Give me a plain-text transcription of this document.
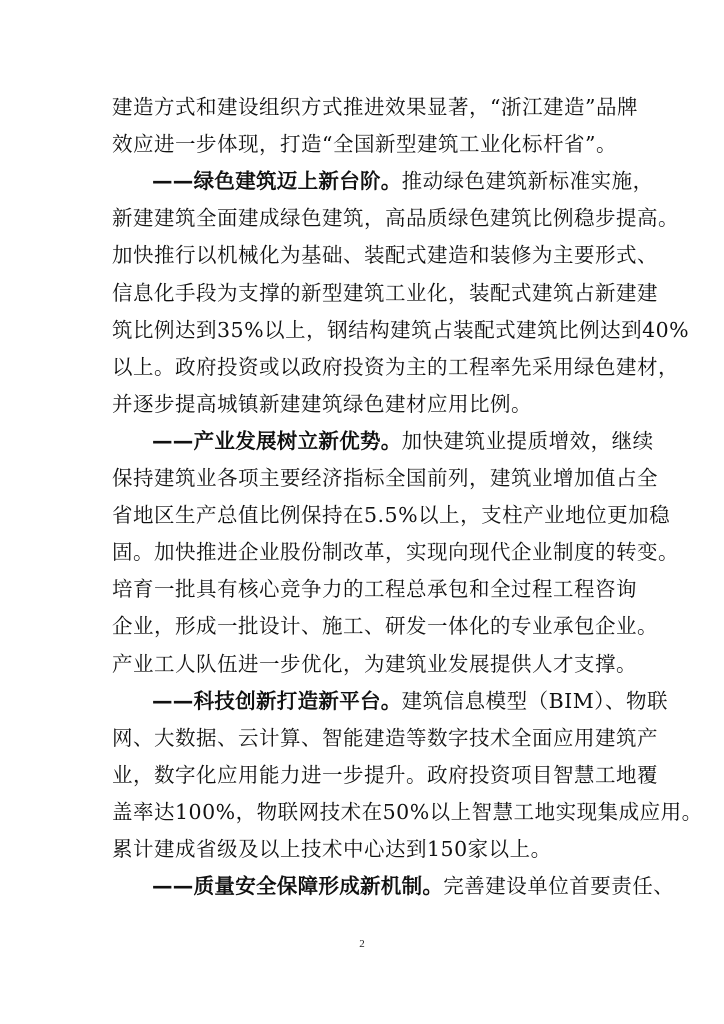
建造方式和建设组织方式推进效果显著，“浙江建造”品牌
效应进一步体现，打造“全国新型建筑工业化标杆省”。
——绿色建筑迈上新台阶。推动绿色建筑新标准实施，
新建建筑全面建成绿色建筑，高品质绿色建筑比例稳步提高。
加快推行以机械化为基础、装配式建造和装修为主要形式、
信息化手段为支撑的新型建筑工业化，装配式建筑占新建建
筑比例达到35%以上，钢结构建筑占装配式建筑比例达到40%
以上。政府投资或以政府投资为主的工程率先采用绿色建材，
并逐步提高城镇新建建筑绿色建材应用比例。
——产业发展树立新优势。加快建筑业提质增效，继续
保持建筑业各项主要经济指标全国前列，建筑业增加值占全
省地区生产总值比例保持在5.5%以上，支柱产业地位更加稳
固。加快推进企业股份制改革，实现向现代企业制度的转变。
培育一批具有核心竞争力的工程总承包和全过程工程咨询
企业，形成一批设计、施工、研发一体化的专业承包企业。
产业工人队伍进一步优化，为建筑业发展提供人才支撑。
——科技创新打造新平台。建筑信息模型（BIM）、物联
网、大数据、云计算、智能建造等数字技术全面应用建筑产
业，数字化应用能力进一步提升。政府投资项目智慧工地覆
盖率达100%，物联网技术在50%以上智慧工地实现集成应用。
累计建成省级及以上技术中心达到150家以上。
——质量安全保障形成新机制。完善建设单位首要责任、
2
